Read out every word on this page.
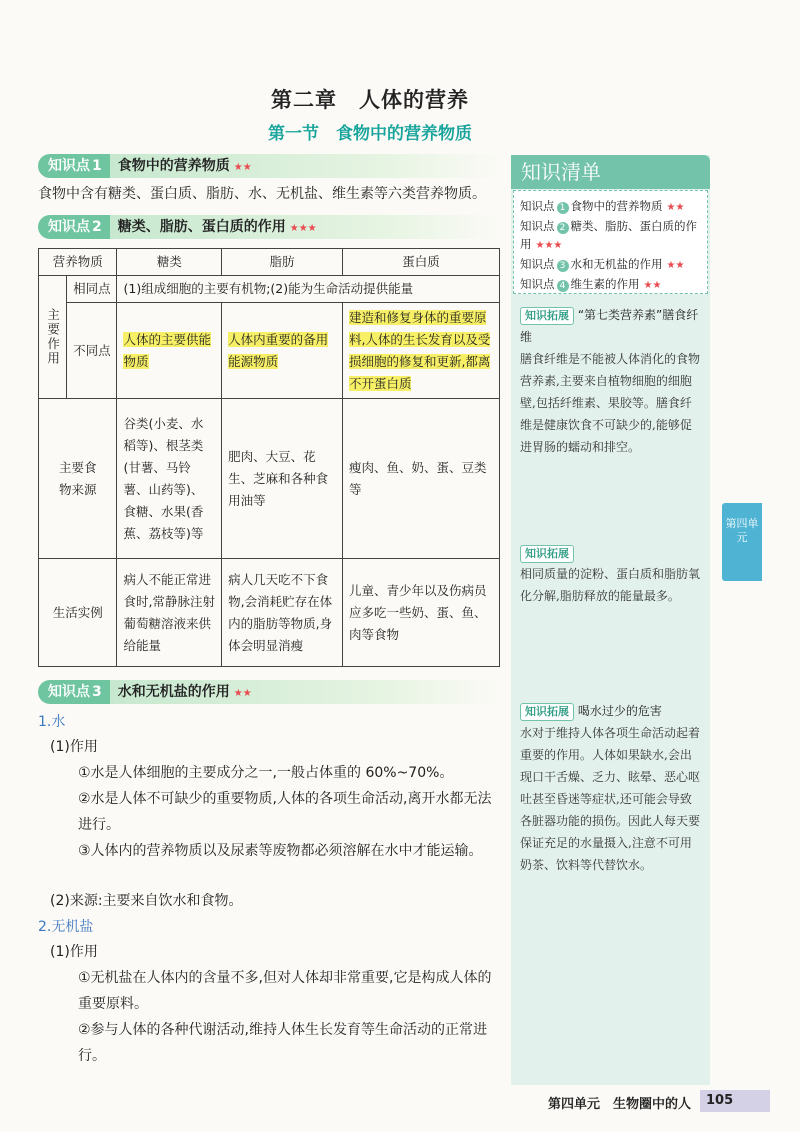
第二章　人体的营养
第一节　食物中的营养物质
知识点 1	食物中的营养物质 ★★
食物中含有糖类、蛋白质、脂肪、水、无机盐、维生素等六类营养物质。
知识点 2	糖类、脂肪、蛋白质的作用 ★★★
营养物质		糖类	脂肪	蛋白质
主要作用	相同点	(1)组成细胞的主要有机物;(2)能为生命活动提供能量		
	不同点	人体的主要供能物质	人体内重要的备用能源物质	建造和修复身体的重要原料,人体的生长发育以及受损细胞的修复和更新,都离不开蛋白质
主要食物来源		谷类(小麦、水稻等)、根茎类(甘薯、马铃薯、山药等)、食糖、水果(香蕉、荔枝等)等	肥肉、大豆、花生、芝麻和各种食用油等	瘦肉、鱼、奶、蛋、豆类等
生活实例		病人不能正常进食时,常静脉注射葡萄糖溶液来供给能量	病人几天吃不下食物,会消耗贮存在体内的脂肪等物质,身体会明显消瘦	儿童、青少年以及伤病员应多吃一些奶、蛋、鱼、肉等食物
知识点 3	水和无机盐的作用 ★★
1.水
(1)作用
①水是人体细胞的主要成分之一,一般占体重的 60%~70%。
②水是人体不可缺少的重要物质,人体的各项生命活动,离开水都无法进行。
③人体内的营养物质以及尿素等废物都必须溶解在水中才能运输。
(2)来源:主要来自饮水和食物。
2.无机盐
(1)作用
①无机盐在人体内的含量不多,但对人体却非常重要,它是构成人体的重要原料。
②参与人体的各种代谢活动,维持人体生长发育等生命活动的正常进行。
知识清单
知识点 1 食物中的营养物质 ★★
知识点 2 糖类、脂肪、蛋白质的作用 ★★★
知识点 3 水和无机盐的作用 ★★
知识点 4 维生素的作用 ★★
知识拓展 “第七类营养素”膳食纤维
膳食纤维是不能被人体消化的食物营养素,主要来自植物细胞的细胞壁,包括纤维素、果胶等。膳食纤维是健康饮食不可缺少的,能够促进胃肠的蠕动和排空。
知识拓展
相同质量的淀粉、蛋白质和脂肪氧化分解,脂肪释放的能量最多。
知识拓展 喝水过少的危害
水对于维持人体各项生命活动起着重要的作用。人体如果缺水,会出现口干舌燥、乏力、眩晕、恶心呕吐甚至昏迷等症状,还可能会导致各脏器功能的损伤。因此人每天要保证充足的水量摄入,注意不可用奶茶、饮料等代替饮水。
第四单元
第四单元　生物圈中的人	105
